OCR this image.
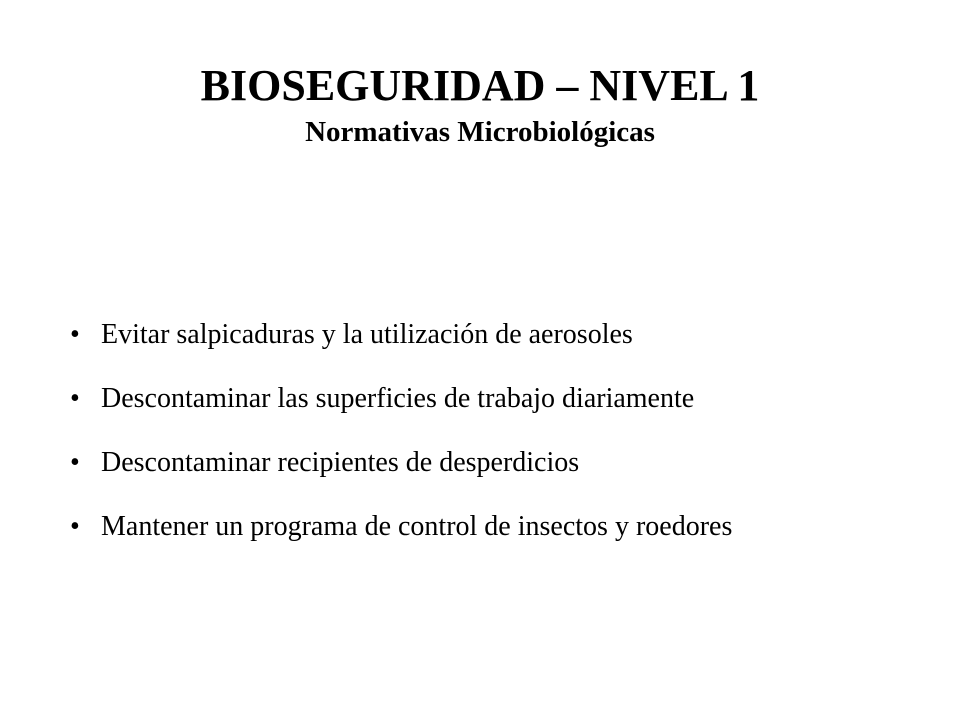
BIOSEGURIDAD – NIVEL 1
Normativas Microbiológicas
• Evitar salpicaduras y la utilización de aerosoles
• Descontaminar las superficies de trabajo diariamente
• Descontaminar recipientes de desperdicios
• Mantener un programa de control de insectos y roedores
